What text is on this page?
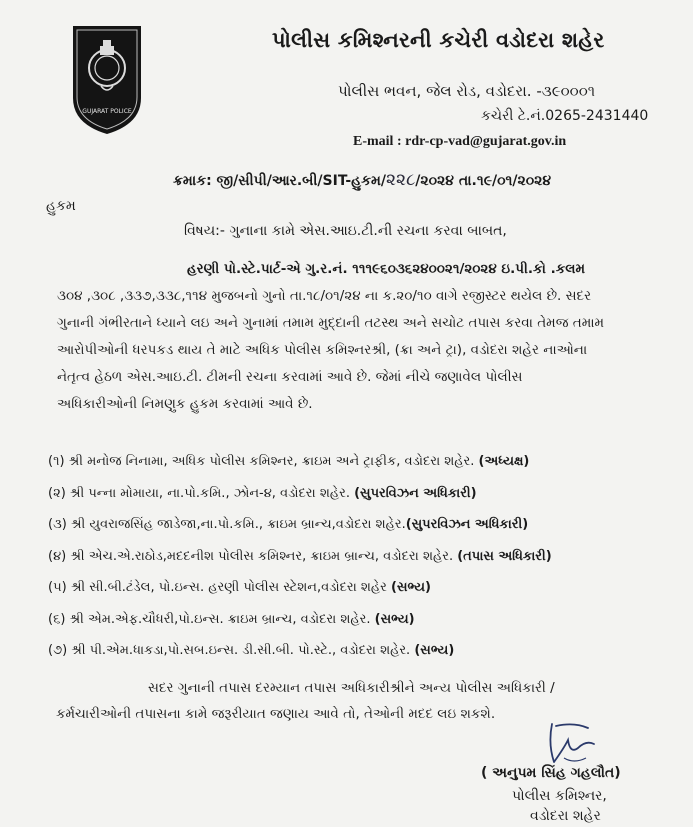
GUJARAT POLICE
પોલીસ કમિશ્નરની કચેરી વડોદરા શહેર
પોલીસ ભવન, જેલ રોડ, વડોદરા. -૩૯૦૦૦૧
કચેરી ટે.નં.0265-2431440
E-mail : rdr-cp-vad@gujarat.gov.in
ક્રમાક: જી/સીપી/આર.બી/SIT-હુકમ/૨૨૮/૨૦૨૪ તા.૧૯/૦૧/૨૦૨૪
હુકમ
વિષય:- ગુનાના કામે એસ.આઇ.ટી.ની રચના કરવા બાબત,
હરણી પો.સ્ટે.પાર્ટ-એ ગુ.ર.નં. ૧૧૧૯૬૦૩૬૨૪૦૦૨૧/૨૦૨૪ ઇ.પી.કો .કલમ
૩૦૪ ,૩૦૮ ,૩૩૭,૩૩૮,૧૧૪ મુજબનો ગુનો તા.૧૮/૦૧/૨૪ ના ક.૨૦/૧૦ વાગે રજીસ્ટર થયેલ છે. સદર
ગુનાની ગંભીરતાને ધ્યાને લઇ અને ગુનામાં તમામ મુદ્દાની તટસ્થ અને સચોટ તપાસ કરવા તેમજ તમામ
આરોપીઓની ધરપકડ થાય તે માટે અધિક પોલીસ કમિશ્નરશ્રી, (ક્રા અને ટ્રા), વડોદરા શહેર નાઓના
નેતૃત્વ હેઠળ એસ.આઇ.ટી. ટીમની રચના કરવામાં આવે છે. જેમાં નીચે જણાવેલ પોલીસ
અધિકારીઓની નિમણુક હુકમ કરવામાં આવે છે.
(૧) શ્રી મનોજ નિનામા, અધિક પોલીસ કમિશ્નર, ક્રાઇમ અને ટ્રાફીક, વડોદરા શહેર. (અધ્યક્ષ)
(૨) શ્રી પન્ના મોમાયા, ના.પો.કમિ., ઝોન-૪, વડોદરા શહેર. (સુપરવિઝન અધિકારી)
(૩) શ્રી યુવરાજસિંહ જાડેજા,ના.પો.કમિ., ક્રાઇમ બ્રાન્ચ,વડોદરા શહેર.(સુપરવિઝન અધિકારી)
(૪) શ્રી એચ.એ.રાઠોડ,મદદનીશ પોલીસ કમિશ્નર, ક્રાઇમ બ્રાન્ચ, વડોદરા શહેર. (તપાસ અધિકારી)
(૫) શ્રી સી.બી.ટંડેલ, પો.ઇન્સ. હરણી પોલીસ સ્ટેશન,વડોદરા શહેર (સભ્ય)
(૬) શ્રી એમ.એફ.ચૌધરી,પો.ઇન્સ. ક્રાઇમ બ્રાન્ચ, વડોદરા શહેર. (સભ્ય)
(૭) શ્રી પી.એમ.ધાકડા,પો.સબ.ઇન્સ. ડી.સી.બી. પો.સ્ટે., વડોદરા શહેર. (સભ્ય)
સદર ગુનાની તપાસ દરમ્યાન તપાસ અધિકારીશ્રીને અન્ય પોલીસ અધિકારી /
કર્મચારીઓની તપાસના કામે જરૂરીયાત જણાય આવે તો, તેઓની મદદ લઇ શકશે.
( અનુપમ સિંહ ગહલૌત)
પોલીસ કમિશ્નર,
વડોદરા શહેર
